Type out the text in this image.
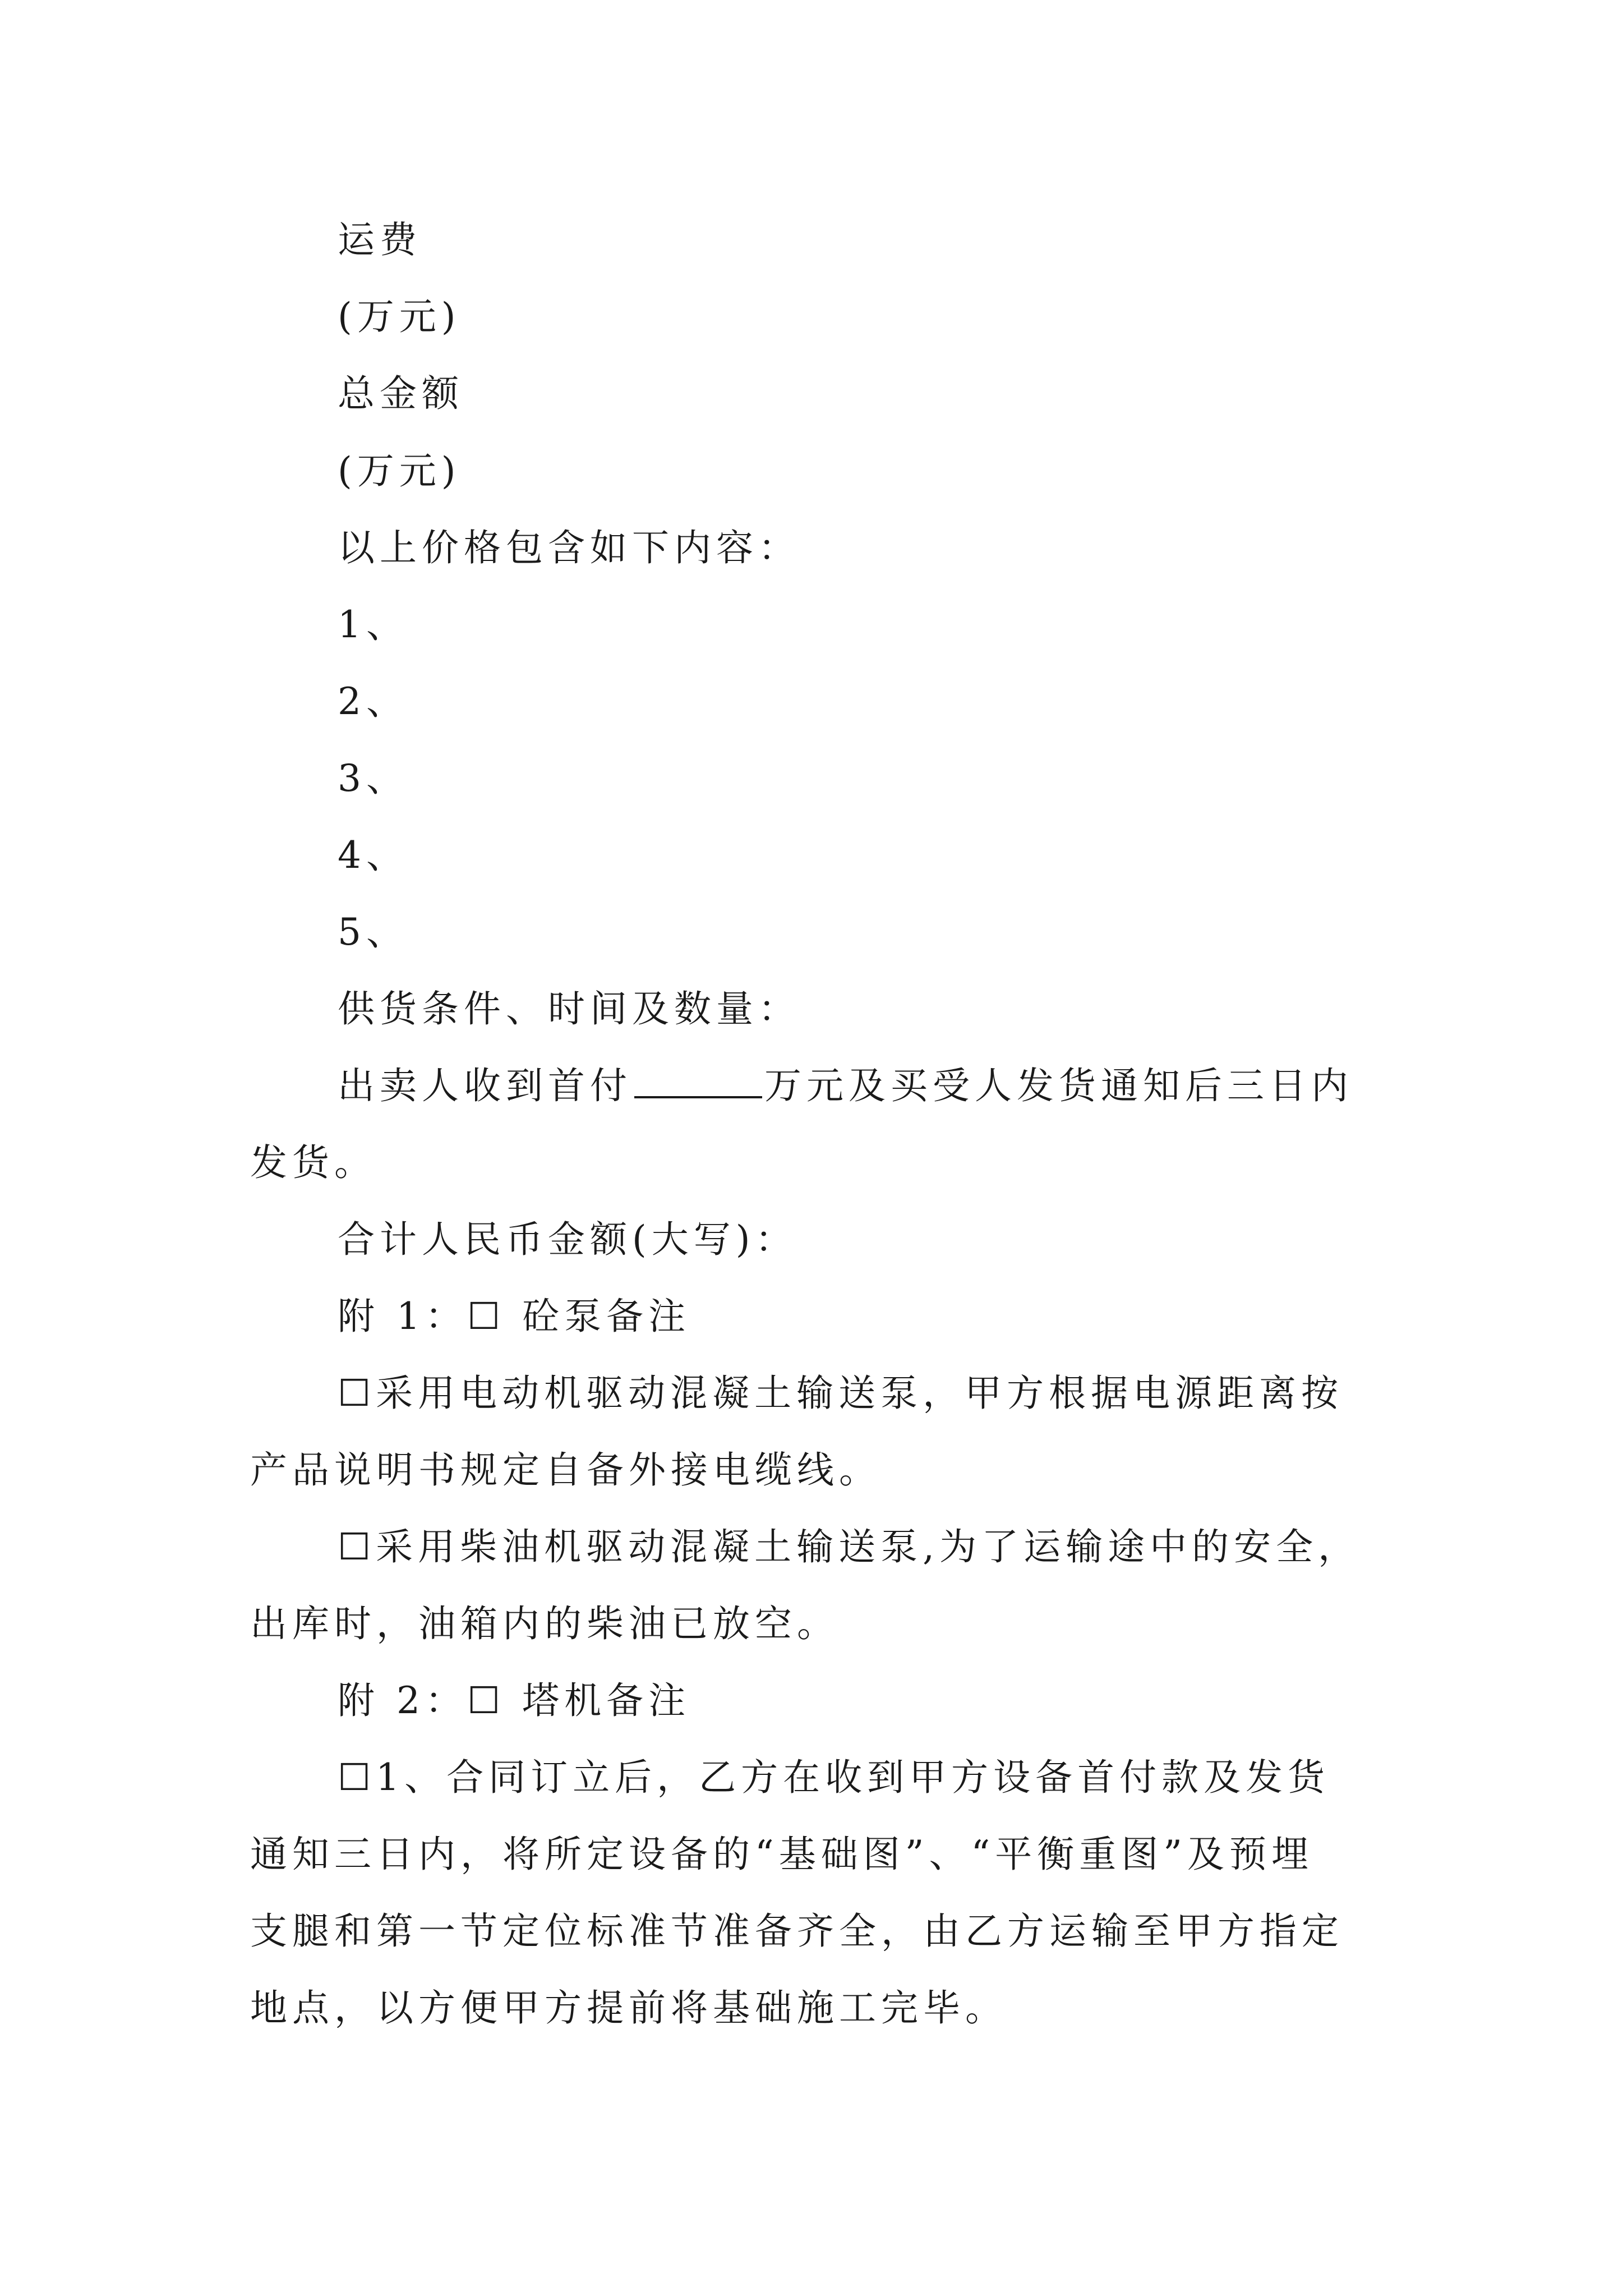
运费
(万元)
总金额
(万元)
以上价格包含如下内容：
1、
2、
3、
4、
5、
供货条件、时间及数量：
出卖人收到首付	万元及买受人发货通知后三日内
发货。
合计人民币金额(大写)：
附 1：☐ 砼泵备注
☐采用电动机驱动混凝土输送泵，甲方根据电源距离按
产品说明书规定自备外接电缆线。
☐采用柴油机驱动混凝土输送泵,为了运输途中的安全，
出库时，油箱内的柴油已放空。
附 2：☐ 塔机备注
☐1、合同订立后，乙方在收到甲方设备首付款及发货
通知三日内，将所定设备的“基础图”、“平衡重图”及预埋
支腿和第一节定位标准节准备齐全，由乙方运输至甲方指定
地点，以方便甲方提前将基础施工完毕。
